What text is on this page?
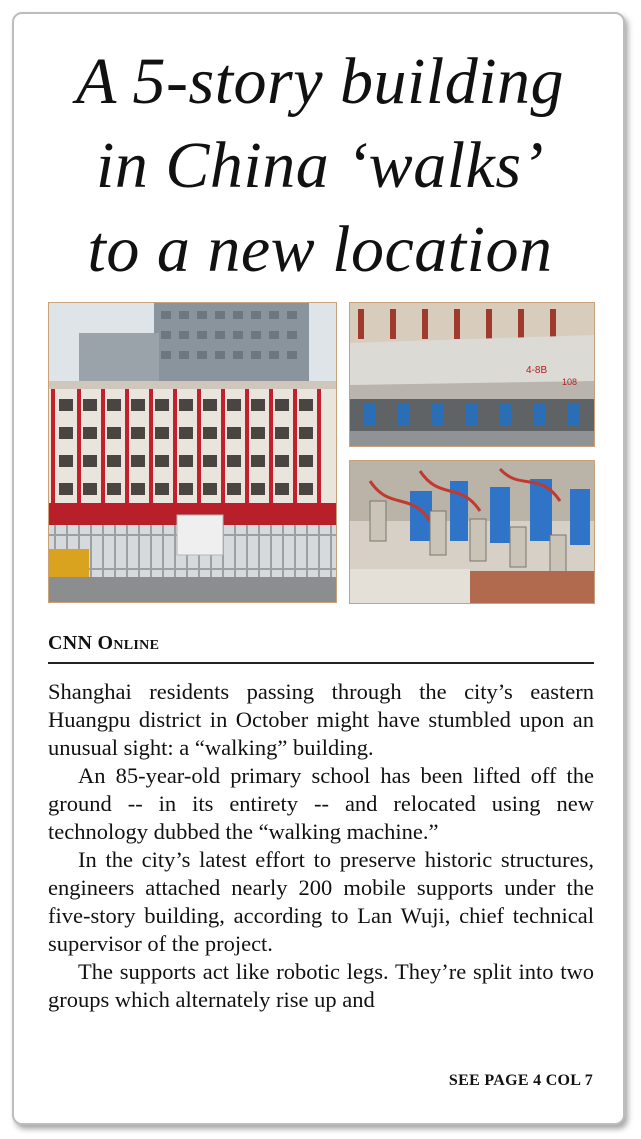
A 5-story building
in China ‘walks’
to a new location
4-8B
108
CNN Online

Shanghai residents passing through the city’s eastern Huangpu district in October might have stumbled upon an unusual sight: a “walking” building.

An 85-year-old primary school has been lifted off the ground -- in its entirety -- and relocated using new technology dubbed the “walking machine.”

In the city’s latest effort to preserve historic structures, engineers attached nearly 200 mobile supports under the five-story building, according to Lan Wuji, chief technical supervisor of the project.

The supports act like robotic legs. They’re split into two groups which alternately rise up and

SEE PAGE 4 COL 7
